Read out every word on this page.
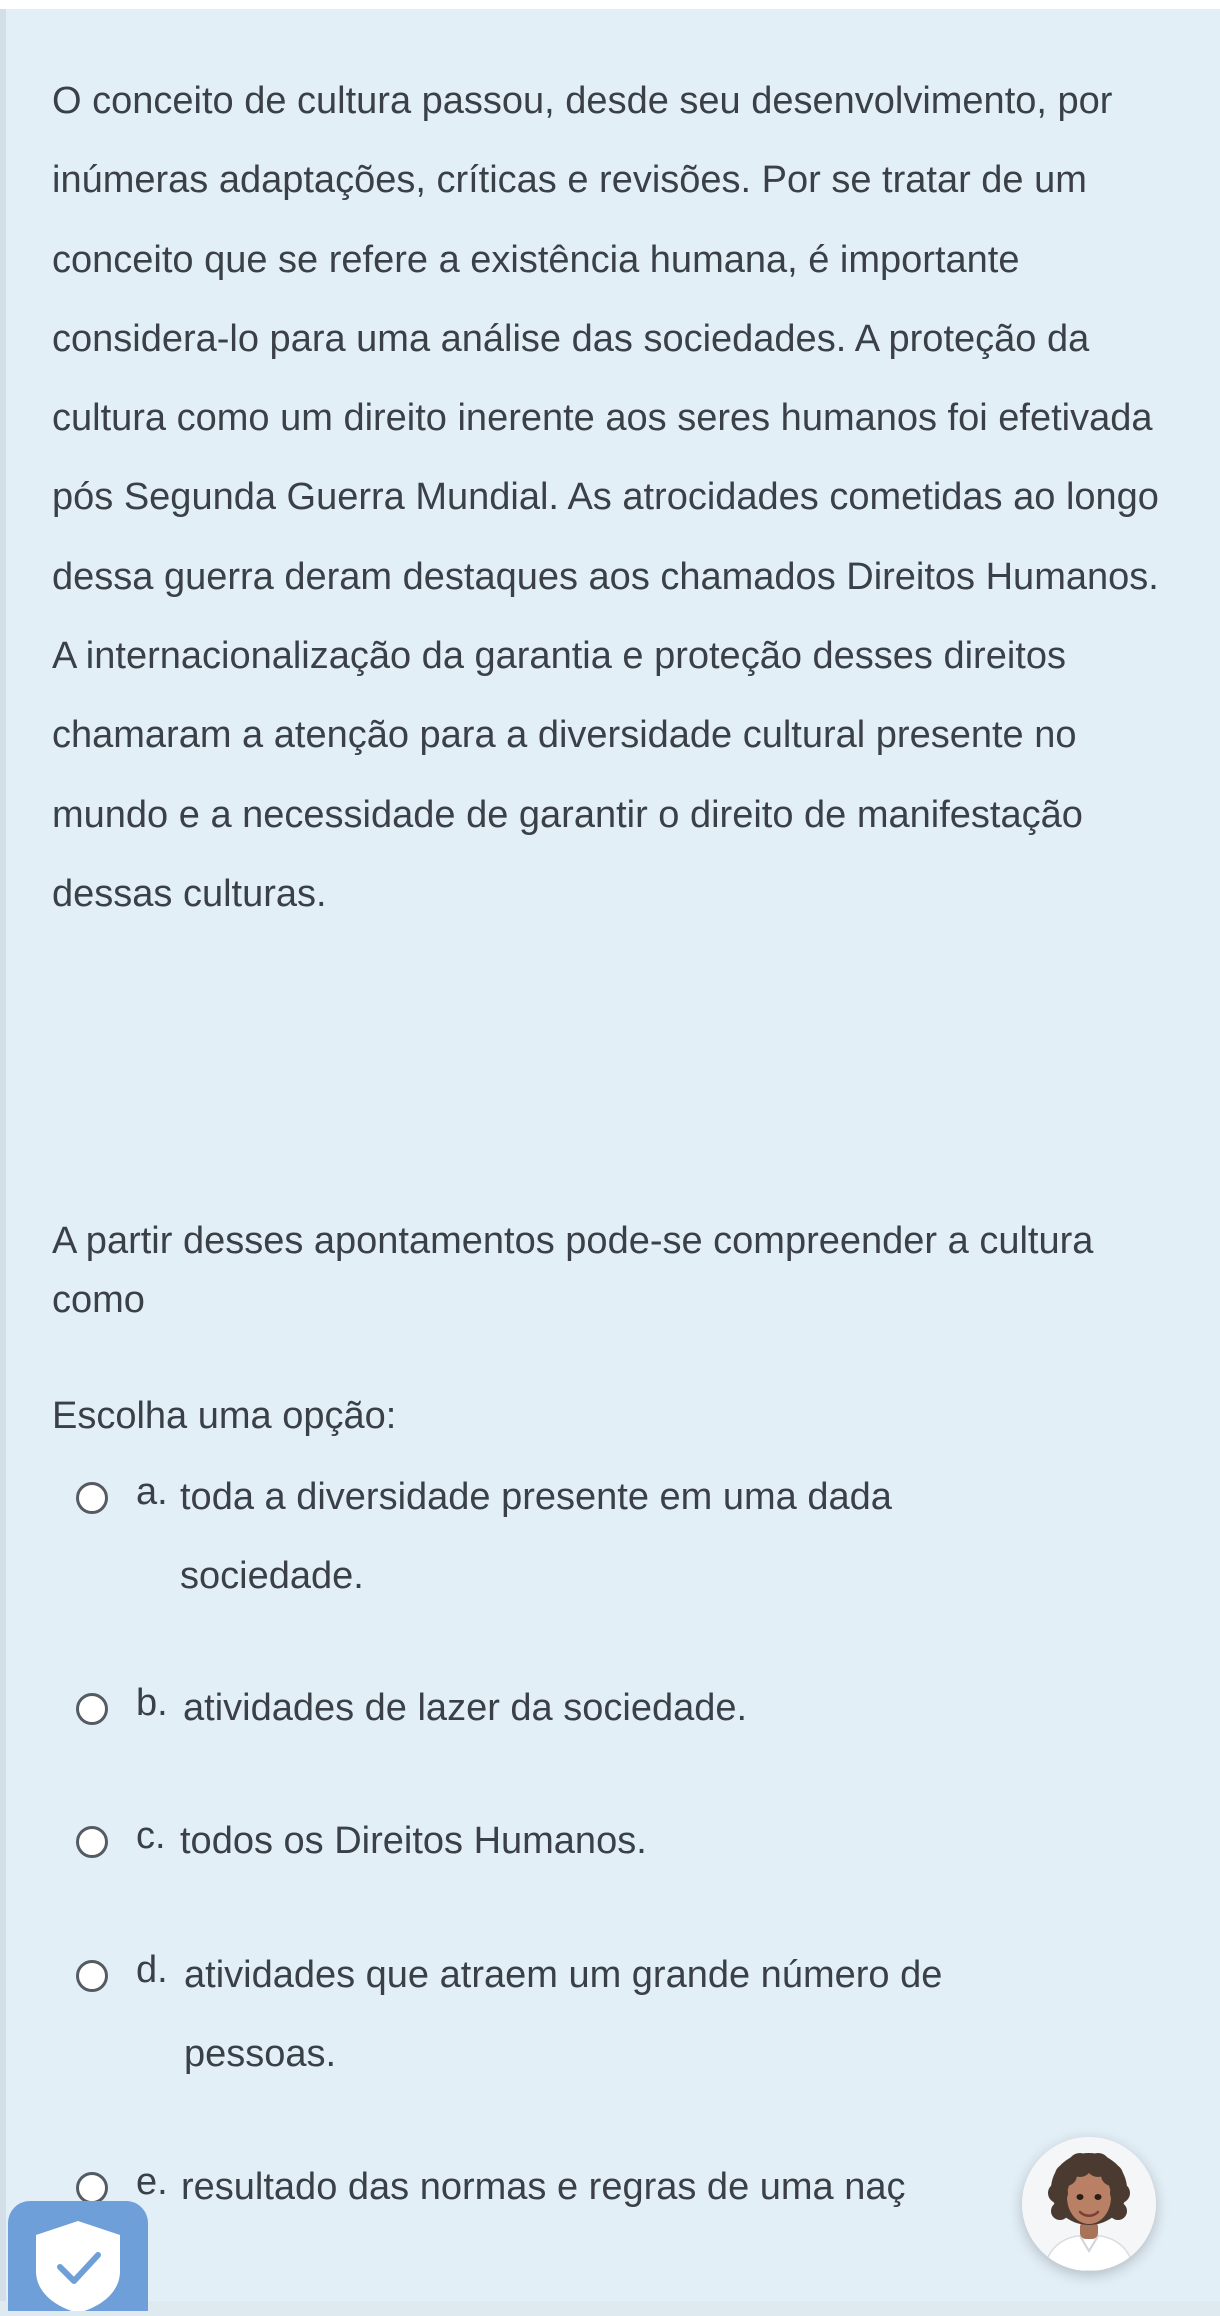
O conceito de cultura passou, desde seu desenvolvimento, por inúmeras adaptações, críticas e revisões. Por se tratar de um conceito que se refere a existência humana, é importante considera-lo para uma análise das sociedades. A proteção da cultura como um direito inerente aos seres humanos foi efetivada pós Segunda Guerra Mundial. As atrocidades cometidas ao longo dessa guerra deram destaques aos chamados Direitos Humanos. A internacionalização da garantia e proteção desses direitos chamaram a atenção para a diversidade cultural presente no mundo e a necessidade de garantir o direito de manifestação dessas culturas.

A partir desses apontamentos pode-se compreender a cultura como

Escolha uma opção:

a. toda a diversidade presente em uma dada sociedade.
b. atividades de lazer da sociedade.
c. todos os Direitos Humanos.
d. atividades que atraem um grande número de pessoas.
e. resultado das normas e regras de uma naç
